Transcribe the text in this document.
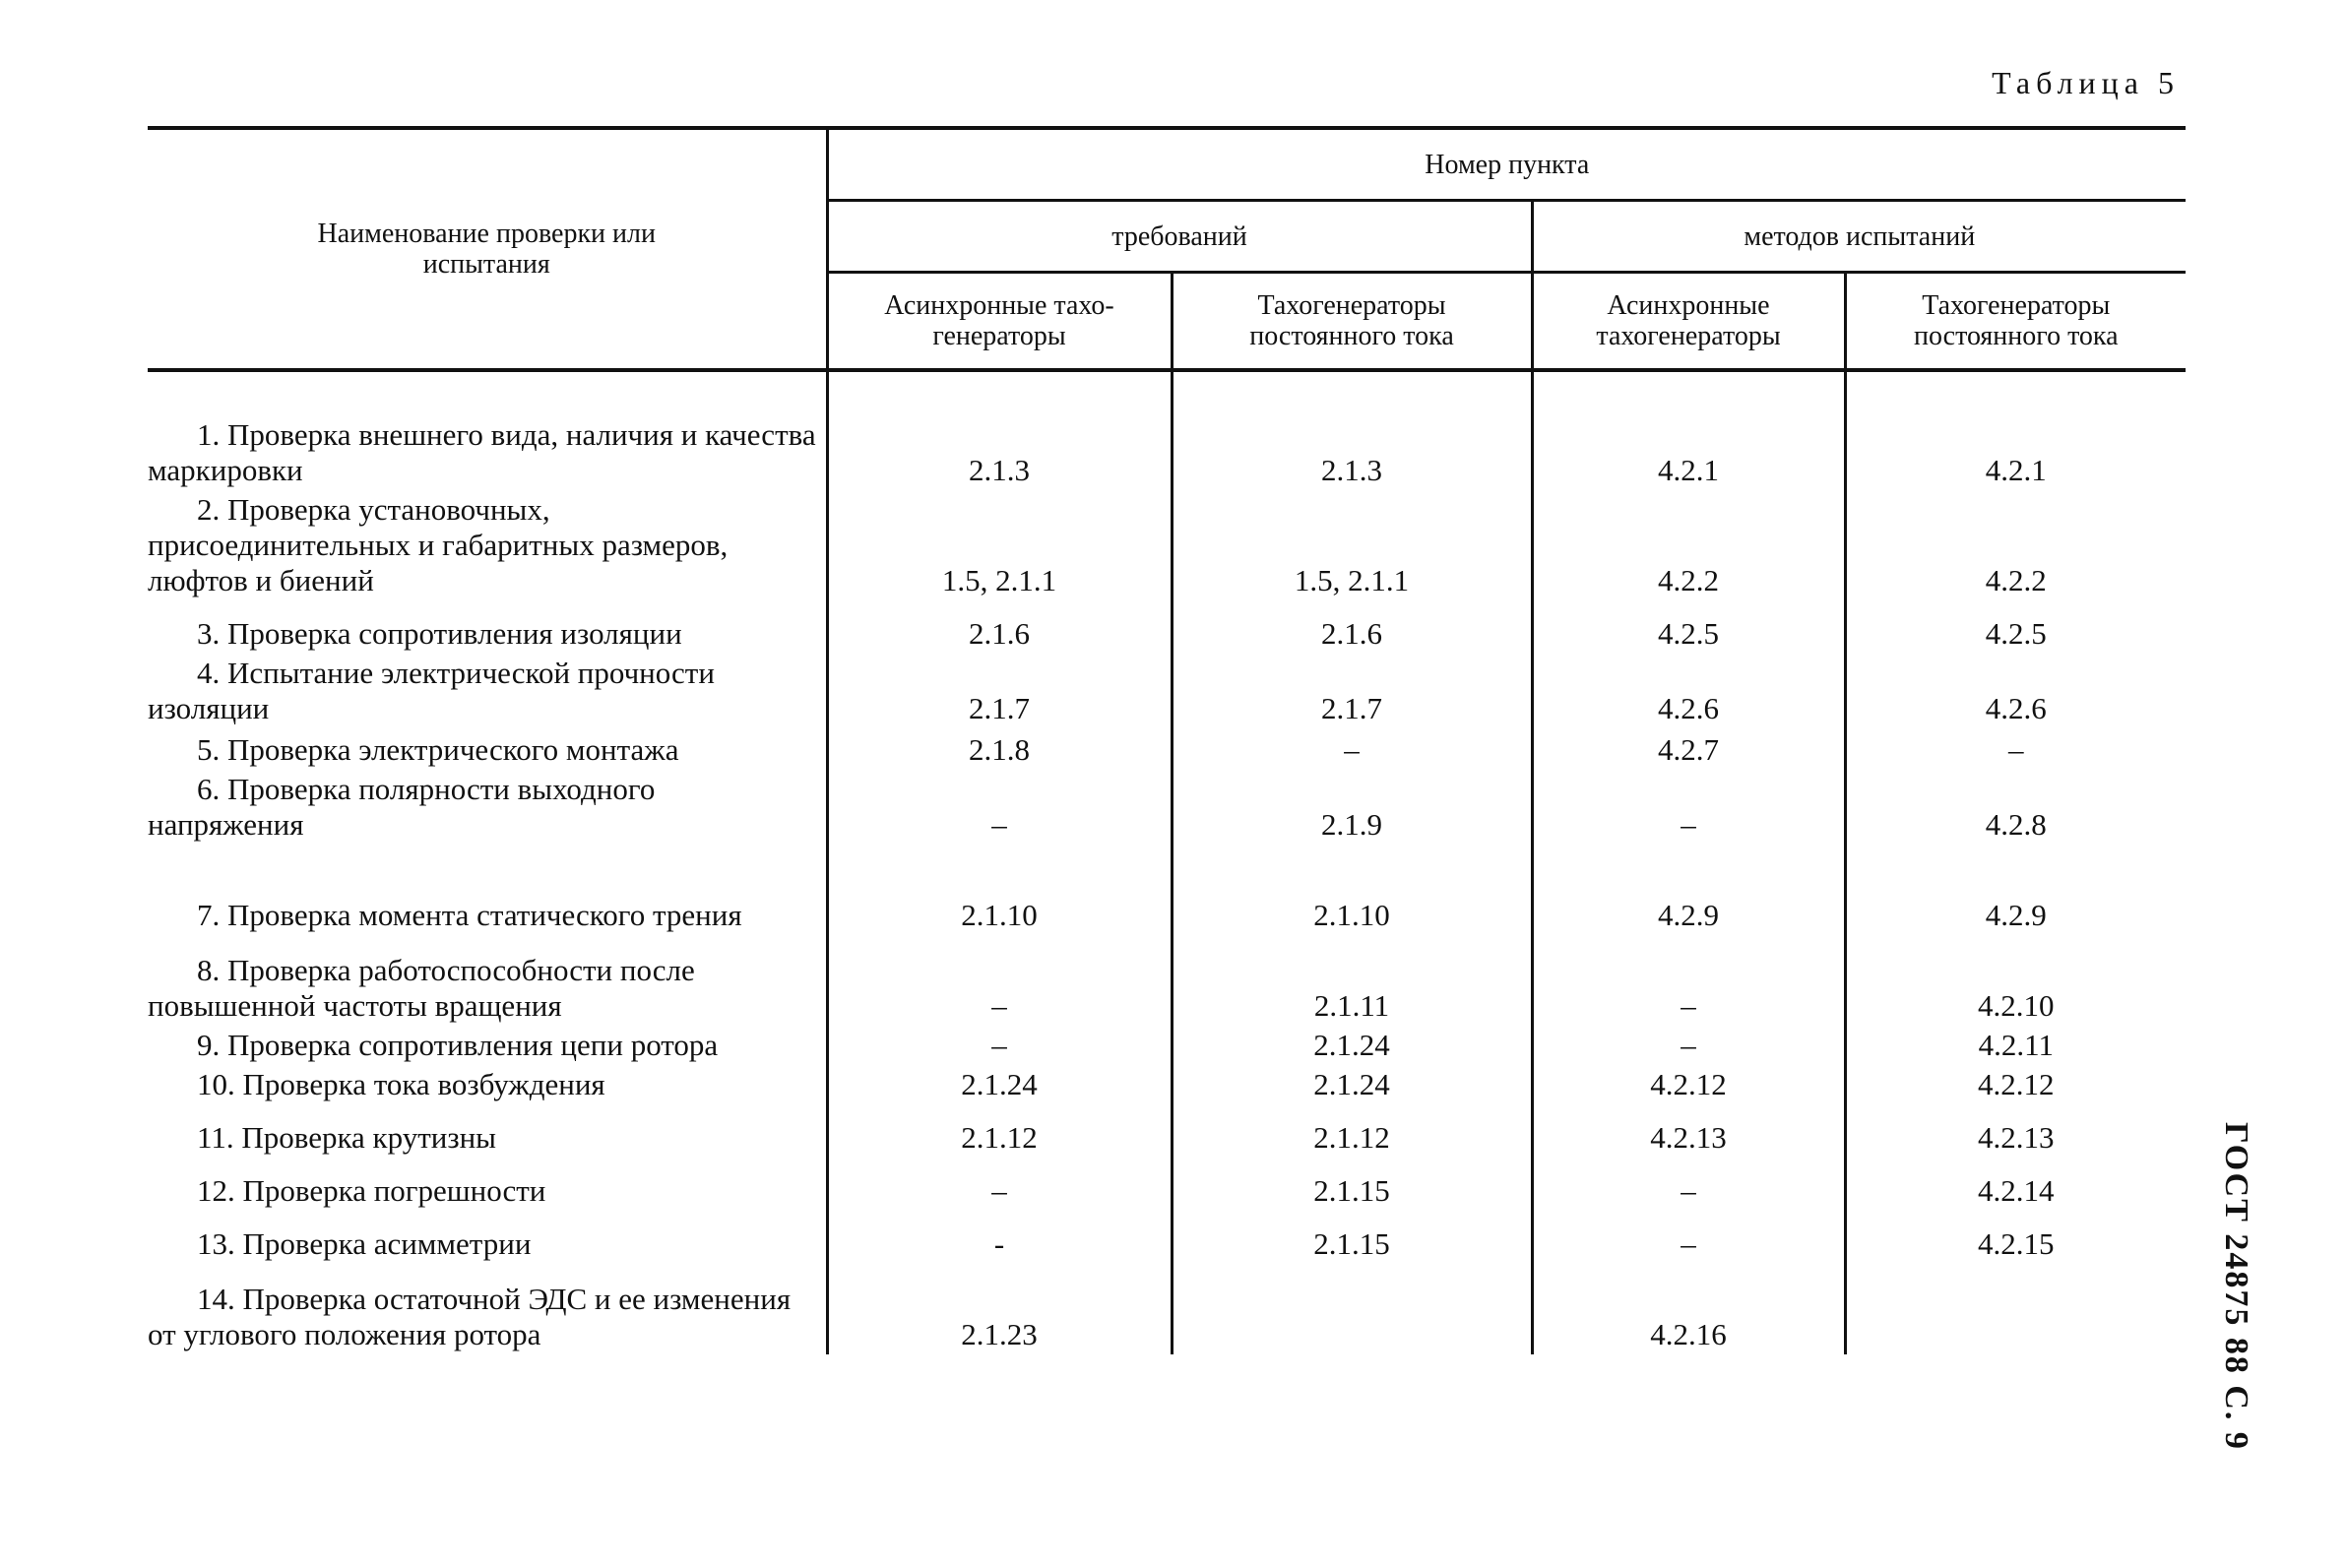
Таблица 5
Наименование проверки или испытания	Номер пункта			
	требований		методов испытаний	
	Асинхронные тахо-генераторы	Тахогенераторы постоянного тока	Асинхронные тахогенераторы	Тахогенераторы постоянного тока

1. Проверка внешнего вида, наличия и качества маркировки	2.1.3	2.1.3	4.2.1	4.2.1

2. Проверка установочных, присоединительных и габаритных размеров, люфтов и биений	1.5, 2.1.1	1.5, 2.1.1	4.2.2	4.2.2

3. Проверка сопротивления изоляции	2.1.6	2.1.6	4.2.5	4.2.5

4. Испытание электрической прочности изоляции	2.1.7	2.1.7	4.2.6	4.2.6

5. Проверка электрического монтажа	2.1.8	–	4.2.7	–

6. Проверка полярности выходного напряжения	–	2.1.9	–	4.2.8

7. Проверка момента статического трения	2.1.10	2.1.10	4.2.9	4.2.9

8. Проверка работоспособности после повышенной частоты вращения	–	2.1.11	–	4.2.10

9. Проверка сопротивления цепи ротора	–	2.1.24	–	4.2.11

10. Проверка тока возбуждения	2.1.24	2.1.24	4.2.12	4.2.12

11. Проверка крутизны	2.1.12	2.1.12	4.2.13	4.2.13

12. Проверка погрешности	–	2.1.15	–	4.2.14

13. Проверка асимметрии	-	2.1.15	–	4.2.15

14. Проверка остаточной ЭДС и ее изменения от углового положения ротора	2.1.23		4.2.16		ГОСТ 24875 88 С. 9
